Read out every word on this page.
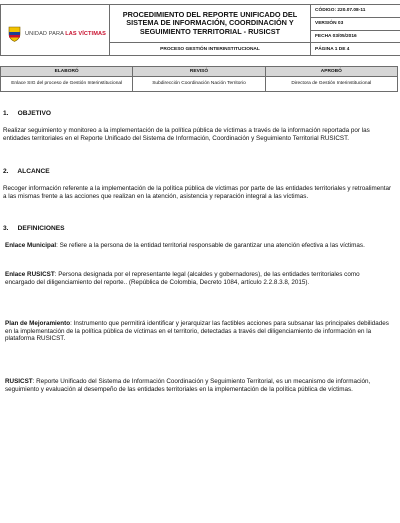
UNIDAD PARA LAS VÍCTIMAS	PROCEDIMIENTO DEL REPORTE UNIFICADO DEL SISTEMA DE INFORMACIÓN, COORDINACIÓN Y SEGUIMIENTO TERRITORIAL - RUSICST	CÓDIGO: 220.07.08-11
		VERSIÓN 03
		FECHA 03/05/2016
	PROCESO GESTIÓN INTERINSTITUCIONAL	PÁGINA 1 DE 4
ELABORÓ	REVISÓ	APROBÓ
Enlace SIG del proceso de Gestión Interinstitucional	Subdirección Coordinación Nación Territorio	Directora de Gestión Interinstitucional
1.     OBJETIVO

Realizar seguimiento y monitoreo a la implementación de la política pública de víctimas a través de la información reportada por las entidades territoriales en el Reporte Unificado del Sistema de Información, Coordinación y Seguimiento Territorial RUSICST.

2.     ALCANCE

Recoger información referente a la implementación de la política pública de víctimas por parte de las entidades territoriales y retroalimentar a las mismas frente a las acciones que realizan en la atención, asistencia y reparación integral a las víctimas.

3.     DEFINICIONES

Enlace Municipal: Se refiere a la persona de la entidad territorial responsable de garantizar una atención efectiva a las víctimas.

Enlace RUSICST: Persona designada por el representante legal (alcaldes y gobernadores), de las entidades territoriales como encargado del diligenciamiento del reporte.. (República de Colombia, Decreto 1084, artículo 2.2.8.3.8, 2015).

Plan de Mejoramiento: Instrumento que permitirá identificar y jerarquizar las factibles acciones para subsanar las principales debilidades en la implementación de la política pública de víctimas en el territorio, detectadas a través del diligenciamiento de información en la plataforma RUSICST.

RUSICST: Reporte Unificado del Sistema de Información Coordinación y Seguimiento Territorial, es un mecanismo de información, seguimiento y evaluación al desempeño de las entidades territoriales en la implementación de la política pública de víctimas.
